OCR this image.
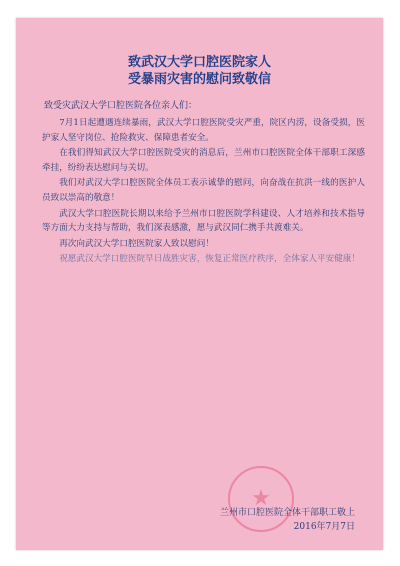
致武汉大学口腔医院家人
受暴雨灾害的慰问致敬信
致受灾武汉大学口腔医院各位亲人们：

7月1日起遭遇连续暴雨，武汉大学口腔医院受灾严重，院区内涝，设备受损，医护家人坚守岗位、抢险救灾、保障患者安全。

在我们得知武汉大学口腔医院受灾的消息后，兰州市口腔医院全体干部职工深感牵挂，纷纷表达慰问与关切。

我们对武汉大学口腔医院全体员工表示诚挚的慰问，向奋战在抗洪一线的医护人员致以崇高的敬意！

武汉大学口腔医院长期以来给予兰州市口腔医院学科建设、人才培养和技术指导等方面大力支持与帮助，我们深表感激，愿与武汉同仁携手共渡难关。

再次向武汉大学口腔医院家人致以慰问！

祝愿武汉大学口腔医院早日战胜灾害，恢复正常医疗秩序，全体家人平安健康！

★
兰州市口腔医院全体干部职工敬上
2016年7月7日
